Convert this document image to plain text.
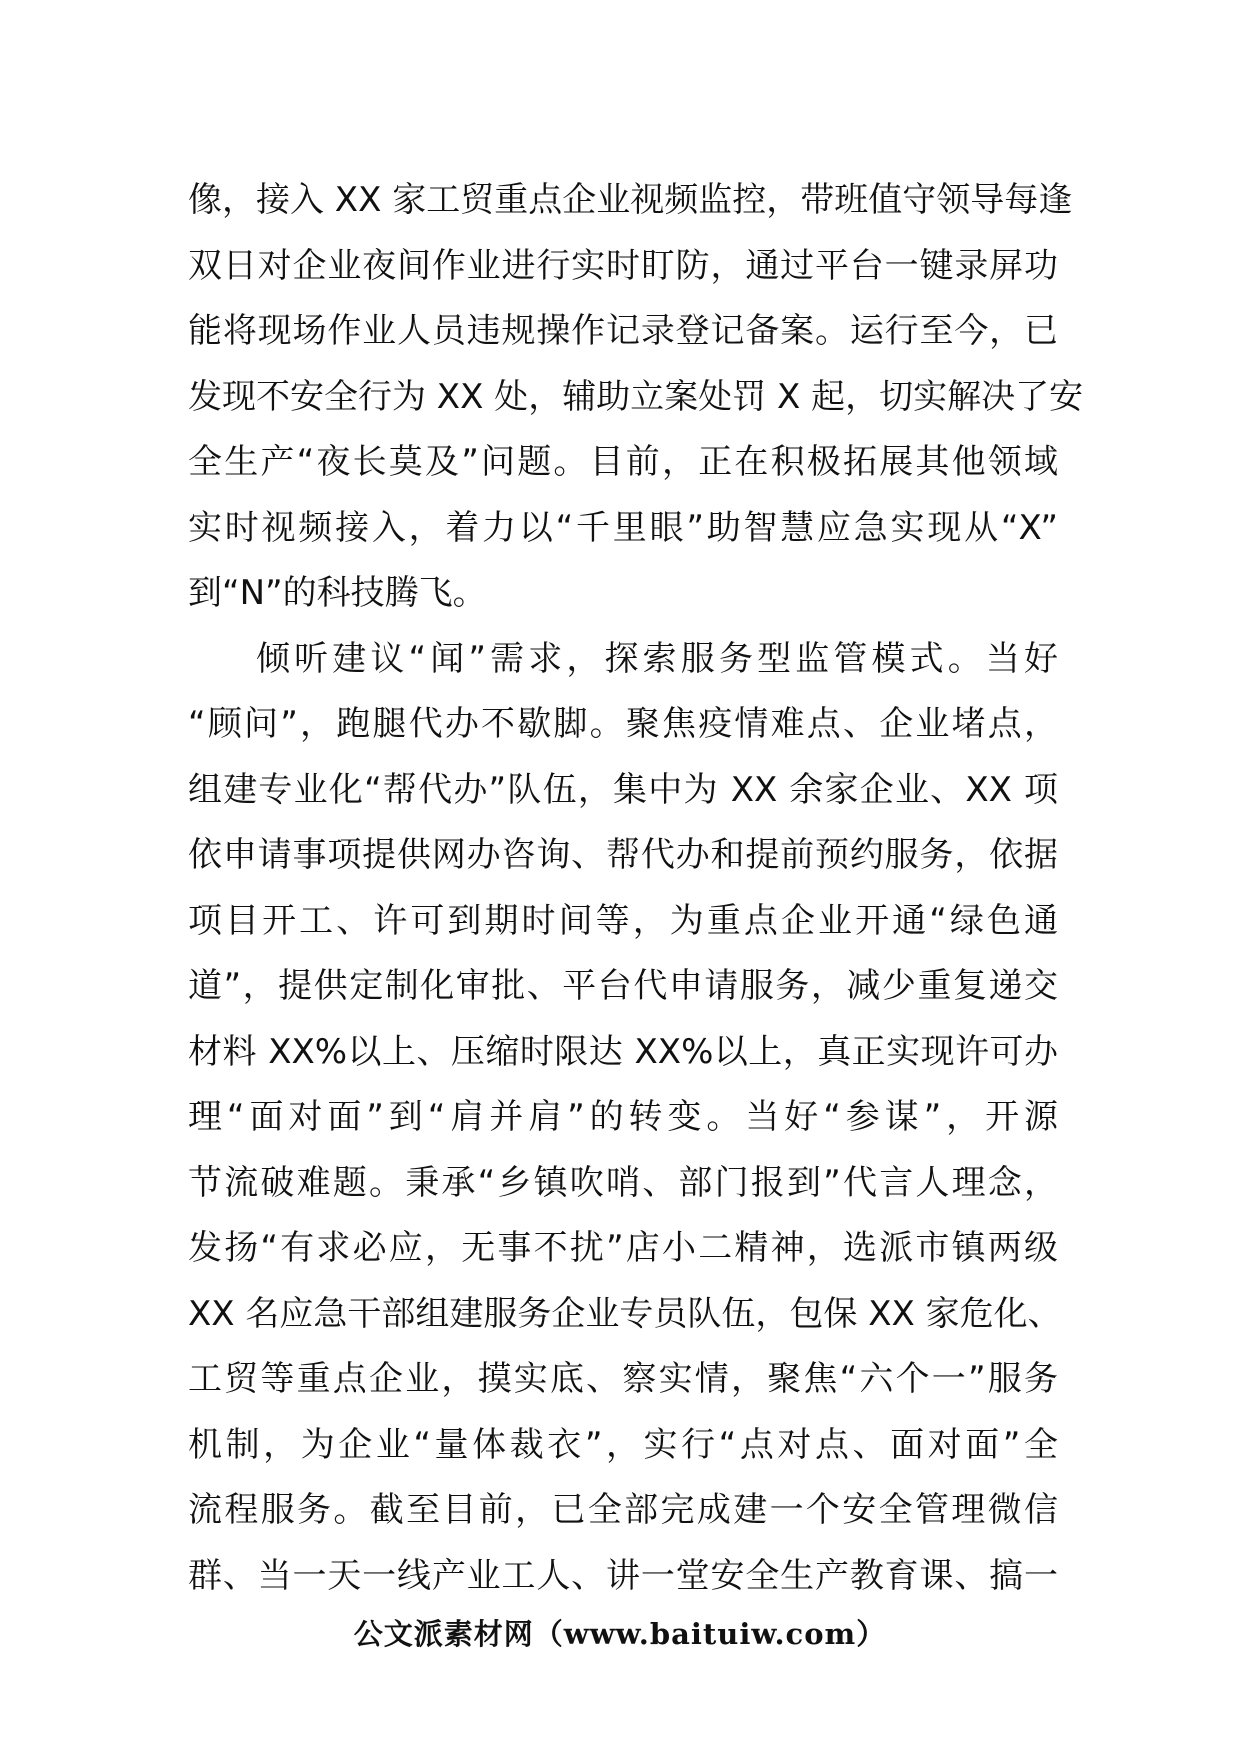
像，接入 XX 家工贸重点企业视频监控，带班值守领导每逢
双日对企业夜间作业进行实时盯防，通过平台一键录屏功
能将现场作业人员违规操作记录登记备案。运行至今，已
发现不安全行为 XX 处，辅助立案处罚 X 起，切实解决了安
全生产“夜长莫及”问题。目前，正在积极拓展其他领域
实时视频接入，着力以“千里眼”助智慧应急实现从“X”
到“N”的科技腾飞。
倾听建议“闻”需求，探索服务型监管模式。当好
“顾问”，跑腿代办不歇脚。聚焦疫情难点、企业堵点，
组建专业化“帮代办”队伍，集中为 XX 余家企业、XX 项
依申请事项提供网办咨询、帮代办和提前预约服务，依据
项目开工、许可到期时间等，为重点企业开通“绿色通
道”，提供定制化审批、平台代申请服务，减少重复递交
材料 XX%以上、压缩时限达 XX%以上，真正实现许可办
理“面对面”到“肩并肩”的转变。当好“参谋”，开源
节流破难题。秉承“乡镇吹哨、部门报到”代言人理念，
发扬“有求必应，无事不扰”店小二精神，选派市镇两级
XX 名应急干部组建服务企业专员队伍，包保 XX 家危化、
工贸等重点企业，摸实底、察实情，聚焦“六个一”服务
机制，为企业“量体裁衣”，实行“点对点、面对面”全
流程服务。截至目前，已全部完成建一个安全管理微信
群、当一天一线产业工人、讲一堂安全生产教育课、搞一
公文派素材网（www.baituiw.com）
